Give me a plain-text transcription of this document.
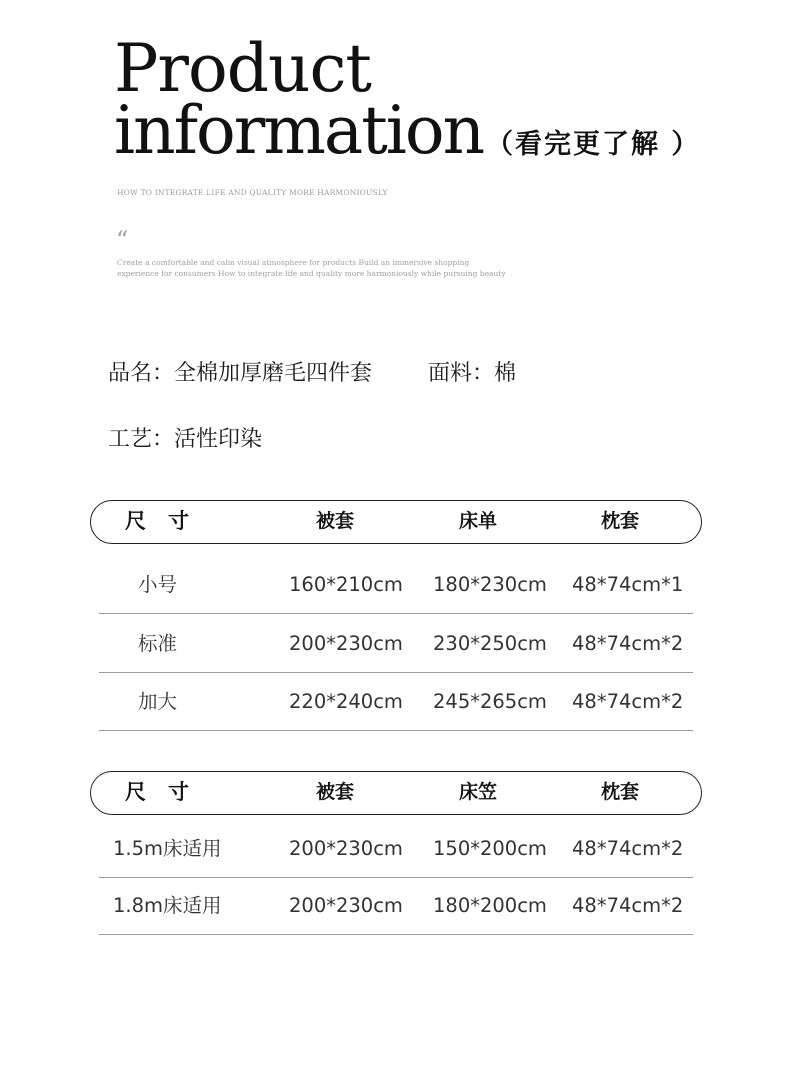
Product
information （看完更了解 ）
HOW TO INTEGRATE LIFE AND QUALITY MORE HARMONIOUSLY
“
Create a comfortable and calm visual atmosphere for products Build an immersive shopping experience for consumers How to integrate life and quality more harmoniously while pursuing beauty
品名：全棉加厚磨毛四件套	面料：棉
工艺：活性印染
尺寸	被套	床单	枕套
小号	160*210cm 180*230cm 48*74cm*1
标准	200*230cm 230*250cm 48*74cm*2
加大	220*240cm 245*265cm 48*74cm*2
尺寸	被套	床笠	枕套
1.5m床适用	200*230cm 150*200cm 48*74cm*2
1.8m床适用	200*230cm 180*200cm 48*74cm*2
